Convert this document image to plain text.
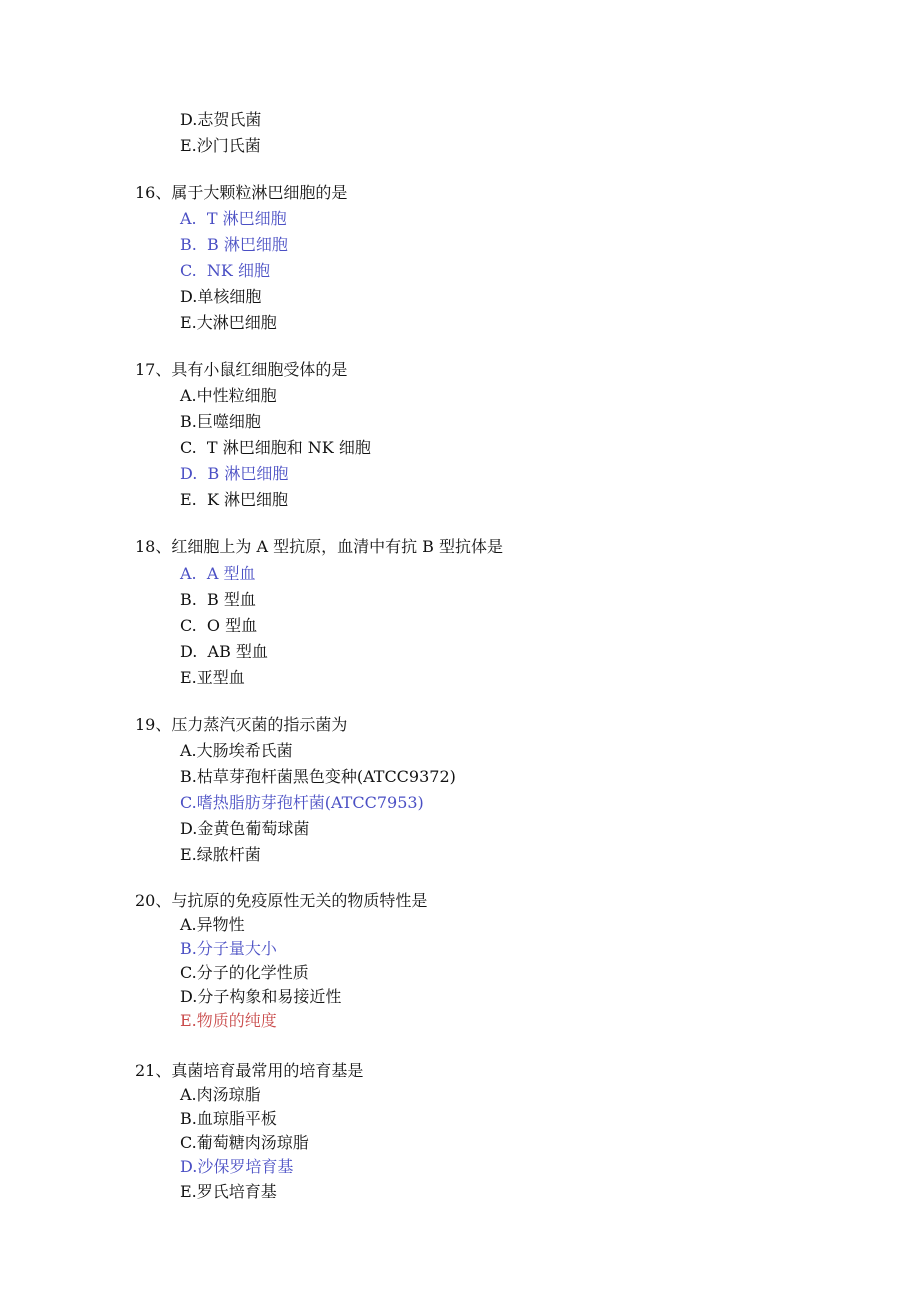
D.志贺氏菌
E.沙门氏菌
16、属于大颗粒淋巴细胞的是
A.  T 淋巴细胞
B.  B 淋巴细胞
C.  NK 细胞
D.单核细胞
E.大淋巴细胞
17、具有小鼠红细胞受体的是
A.中性粒细胞
B.巨噬细胞
C.  T 淋巴细胞和 NK 细胞
D.  B 淋巴细胞
E.  K 淋巴细胞
18、红细胞上为 A 型抗原，血清中有抗 B 型抗体是
A.  A 型血
B.  B 型血
C.  O 型血
D.  AB 型血
E.亚型血
19、压力蒸汽灭菌的指示菌为
A.大肠埃希氏菌
B.枯草芽孢杆菌黑色变种(ATCC9372)
C.嗜热脂肪芽孢杆菌(ATCC7953)
D.金黄色葡萄球菌
E.绿脓杆菌
20、与抗原的免疫原性无关的物质特性是
A.异物性
B.分子量大小
C.分子的化学性质
D.分子构象和易接近性
E.物质的纯度
21、真菌培育最常用的培育基是
A.肉汤琼脂
B.血琼脂平板
C.葡萄糖肉汤琼脂
D.沙保罗培育基
E.罗氏培育基
